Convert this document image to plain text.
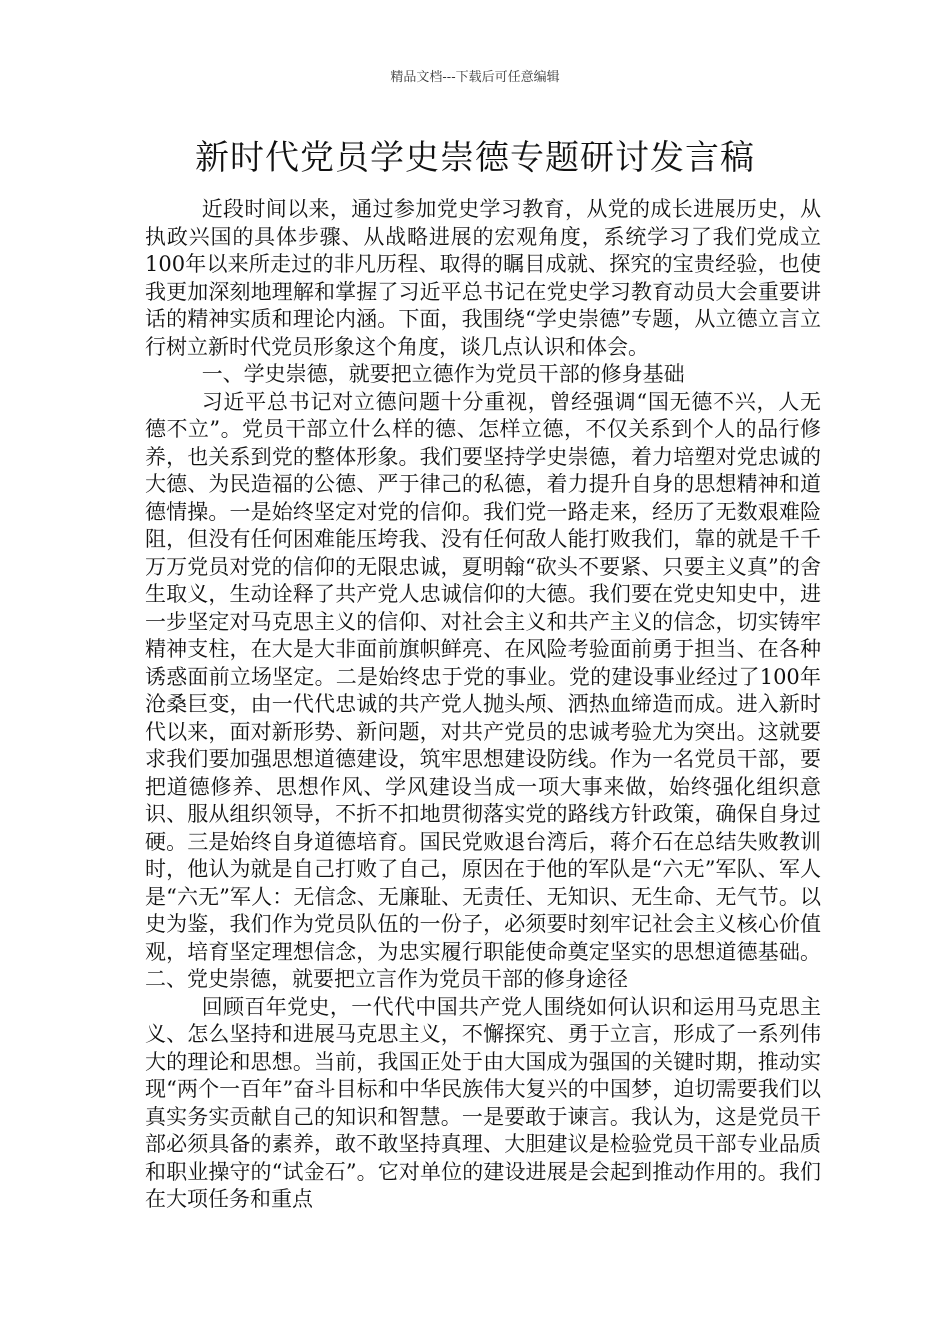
精品文档---下载后可任意编辑
新时代党员学史崇德专题研讨发言稿

近段时间以来，通过参加党史学习教育，从党的成长进展历史，从执政兴国的具体步骤、从战略进展的宏观角度，系统学习了我们党成立100年以来所走过的非凡历程、取得的瞩目成就、探究的宝贵经验，也使我更加深刻地理解和掌握了习近平总书记在党史学习教育动员大会重要讲话的精神实质和理论内涵。下面，我围绕“学史崇德”专题，从立德立言立行树立新时代党员形象这个角度，谈几点认识和体会。

一、学史崇德，就要把立德作为党员干部的修身基础

习近平总书记对立德问题十分重视，曾经强调“国无德不兴，人无德不立”。党员干部立什么样的德、怎样立德，不仅关系到个人的品行修养，也关系到党的整体形象。我们要坚持学史崇德，着力培塑对党忠诚的大德、为民造福的公德、严于律己的私德，着力提升自身的思想精神和道德情操。一是始终坚定对党的信仰。我们党一路走来，经历了无数艰难险阻，但没有任何困难能压垮我、没有任何敌人能打败我们，靠的就是千千万万党员对党的信仰的无限忠诚，夏明翰“砍头不要紧、只要主义真”的舍生取义，生动诠释了共产党人忠诚信仰的大德。我们要在党史知史中，进一步坚定对马克思主义的信仰、对社会主义和共产主义的信念，切实铸牢精神支柱，在大是大非面前旗帜鲜亮、在风险考验面前勇于担当、在各种诱惑面前立场坚定。二是始终忠于党的事业。党的建设事业经过了100年沧桑巨变，由一代代忠诚的共产党人抛头颅、洒热血缔造而成。进入新时代以来，面对新形势、新问题，对共产党员的忠诚考验尤为突出。这就要求我们要加强思想道德建设，筑牢思想建设防线。作为一名党员干部，要把道德修养、思想作风、学风建设当成一项大事来做，始终强化组织意识、服从组织领导，不折不扣地贯彻落实党的路线方针政策，确保自身过硬。三是始终自身道德培育。国民党败退台湾后，蒋介石在总结失败教训时，他认为就是自己打败了自己，原因在于他的军队是“六无”军队、军人是“六无”军人：无信念、无廉耻、无责任、无知识、无生命、无气节。以史为鉴，我们作为党员队伍的一份子，必须要时刻牢记社会主义核心价值观，培育坚定理想信念，为忠实履行职能使命奠定坚实的思想道德基础。二、党史崇德，就要把立言作为党员干部的修身途径

回顾百年党史，一代代中国共产党人围绕如何认识和运用马克思主义、怎么坚持和进展马克思主义，不懈探究、勇于立言，形成了一系列伟大的理论和思想。当前，我国正处于由大国成为强国的关键时期，推动实现“两个一百年”奋斗目标和中华民族伟大复兴的中国梦，迫切需要我们以真实务实贡献自己的知识和智慧。一是要敢于谏言。我认为，这是党员干部必须具备的素养，敢不敢坚持真理、大胆建议是检验党员干部专业品质和职业操守的“试金石”。它对单位的建设进展是会起到推动作用的。我们在大项任务和重点
